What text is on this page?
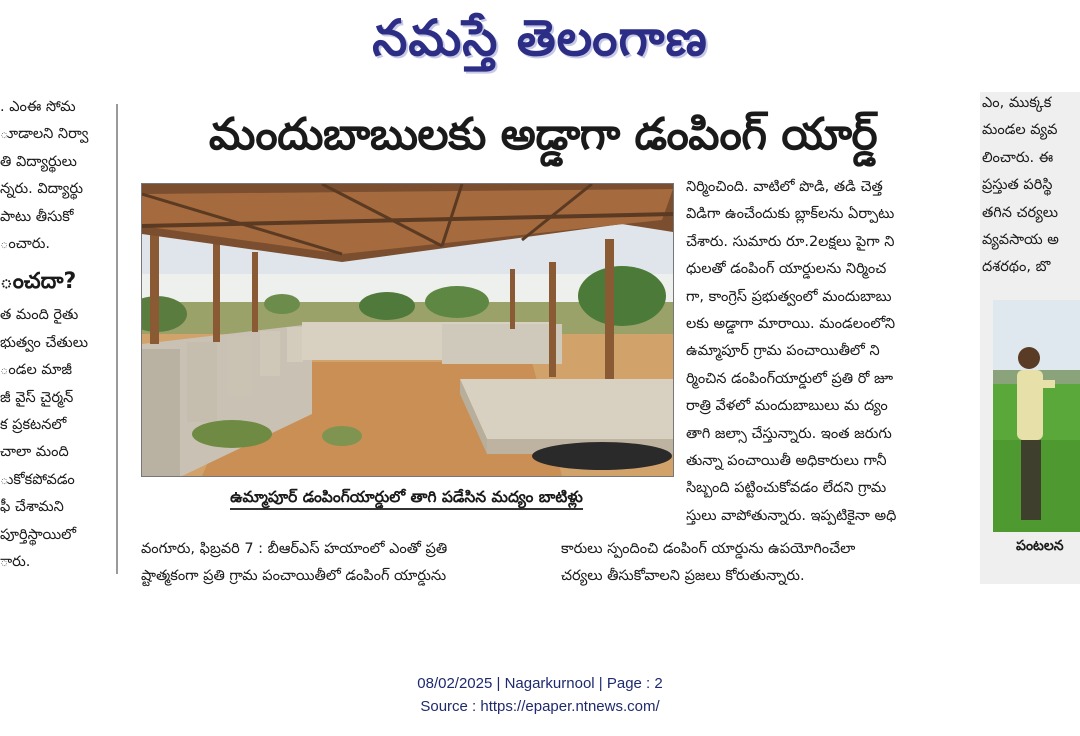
నమస్తే తెలంగాణ

. ఎంఈ సోమ

ూడాలని నిర్వా

తి విద్యార్థులు

న్నరు. విద్యార్థు

పాటు తీసుకో

ంచారు.

ంచదా?

త మంది రైతు

భుత్వం చేతులు

ండల మాజీ

జీ వైస్ చైర్మన్

క ప్రకటనలో

చాలా మంది

ుకోకపోవడం

ఫీ చేశామని

పూర్తిస్థాయిలో

ారు.

మందుబాబులకు అడ్డాగా డంపింగ్ యార్డ్
ఉమ్మాపూర్ డంపింగ్‌యార్డులో తాగి పడేసిన మద్యం బాటిళ్లు

నిర్మించింది. వాటిలో పొడి, తడి చెత్త

విడిగా ఉంచేందుకు బ్లాక్‌లను ఏర్పాటు

చేశారు. సుమారు రూ.2లక్షలు పైగా ని

ధులతో డంపింగ్ యార్డులను నిర్మించ

గా, కాంగ్రెస్ ప్రభుత్వంలో మందుబాబు

లకు అడ్డాగా మారాయి. మండలంలోని

ఉమ్మాపూర్ గ్రామ పంచాయితీలో ని

ర్మించిన డంపింగ్‌యార్డులో ప్రతి రో జూ

రాత్రి వేళలో మందుబాబులు మ ద్యం

తాగి జల్సా చేస్తున్నారు. ఇంత జరుగు

తున్నా పంచాయితీ అధికారులు గానీ

సిబ్బంది పట్టించుకోవడం లేదని గ్రామ

స్తులు వాపోతున్నారు. ఇప్పటికైనా అధి

వంగూరు, ఫిబ్రవరి 7 : బీఆర్‌ఎస్ హయాంలో ఎంతో ప్రతి

ష్టాత్మకంగా ప్రతి గ్రామ పంచాయితీలో డంపింగ్ యార్డును

కారులు స్పందించి డంపింగ్ యార్డును ఉపయోగించేలా

చర్యలు తీసుకోవాలని ప్రజలు కోరుతున్నారు.

ఎం, ముక్కక

మండల వ్యవ

లించారు. ఈ

ప్రస్తుత పరిస్థి

తగిన చర్యలు

వ్యవసాయ అ

దశరథం, బొ

పంటలన
08/02/2025 | Nagarkurnool | Page : 2
Source : https://epaper.ntnews.com/
